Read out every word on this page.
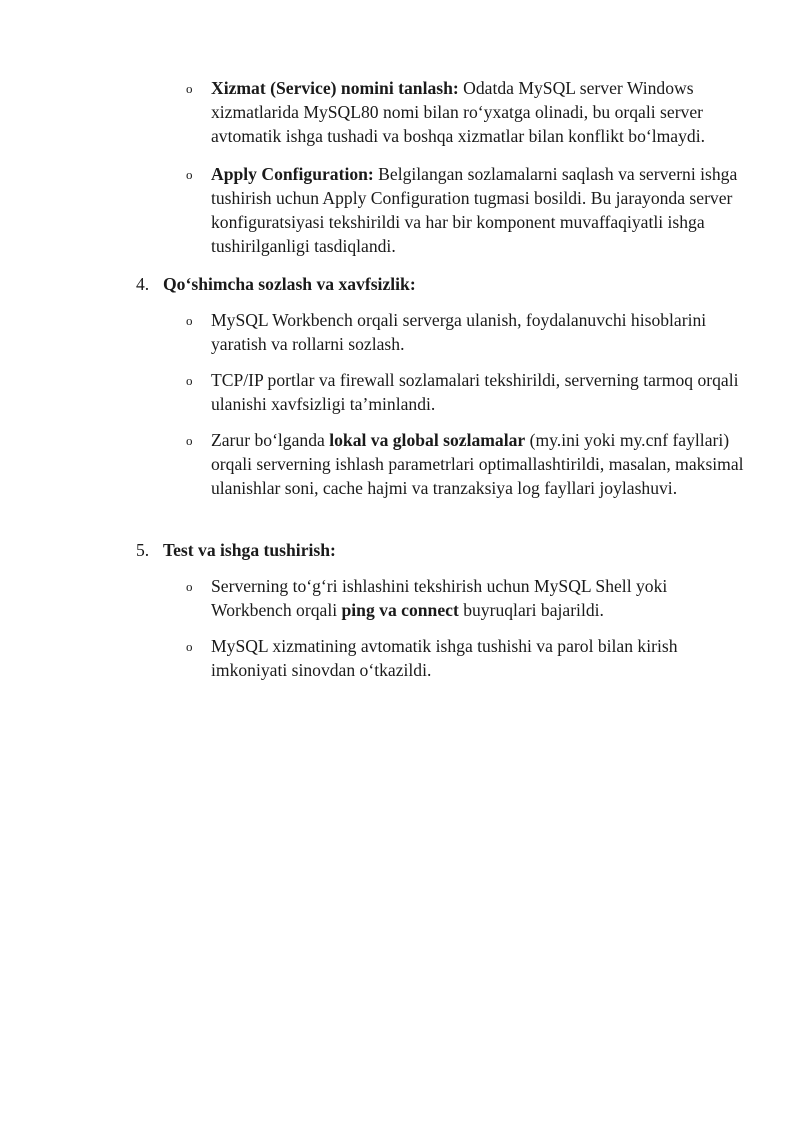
o Xizmat (Service) nomini tanlash: Odatda MySQL server Windows xizmatlarida MySQL80 nomi bilan ro‘yxatga olinadi, bu orqali server avtomatik ishga tushadi va boshqa xizmatlar bilan konflikt bo‘lmaydi.
o Apply Configuration: Belgilangan sozlamalarni saqlash va serverni ishga tushirish uchun Apply Configuration tugmasi bosildi. Bu jarayonda server konfiguratsiyasi tekshirildi va har bir komponent muvaffaqiyatli ishga tushirilganligi tasdiqlandi.
4. Qo‘shimcha sozlash va xavfsizlik:
o MySQL Workbench orqali serverga ulanish, foydalanuvchi hisoblarini yaratish va rollarni sozlash.
o TCP/IP portlar va firewall sozlamalari tekshirildi, serverning tarmoq orqali ulanishi xavfsizligi ta’minlandi.
o Zarur bo‘lganda lokal va global sozlamalar (my.ini yoki my.cnf fayllari) orqali serverning ishlash parametrlari optimallashtirildi, masalan, maksimal ulanishlar soni, cache hajmi va tranzaksiya log fayllari joylashuvi.
5. Test va ishga tushirish:
o Serverning to‘g‘ri ishlashini tekshirish uchun MySQL Shell yoki Workbench orqali ping va connect buyruqlari bajarildi.
o MySQL xizmatining avtomatik ishga tushishi va parol bilan kirish imkoniyati sinovdan o‘tkazildi.
